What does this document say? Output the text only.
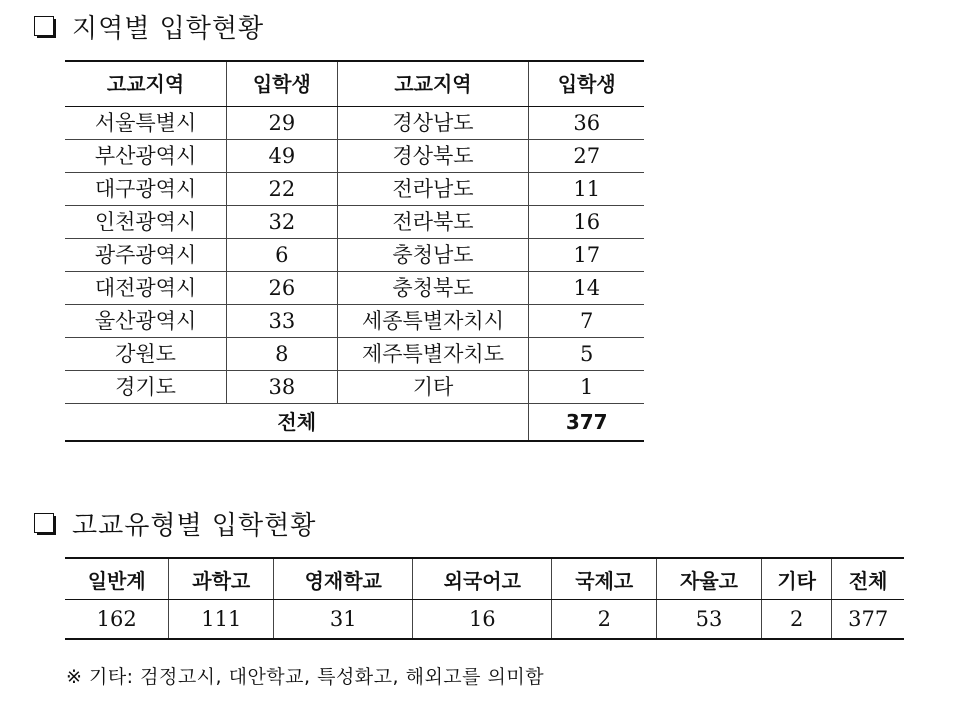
지역별 입학현황
고교지역	입학생	고교지역	입학생
서울특별시	29	경상남도	36
부산광역시	49	경상북도	27
대구광역시	22	전라남도	11
인천광역시	32	전라북도	16
광주광역시	6	충청남도	17
대전광역시	26	충청북도	14
울산광역시	33	세종특별자치시	7
강원도	8	제주특별자치도	5
경기도	38	기타	1
전체			377
고교유형별 입학현황
일반계	과학고	영재학교	외국어고	국제고	자율고	기타	전체
162	111	31	16	2	53	2	377
※ 기타: 검정고시, 대안학교, 특성화고, 해외고를 의미함
